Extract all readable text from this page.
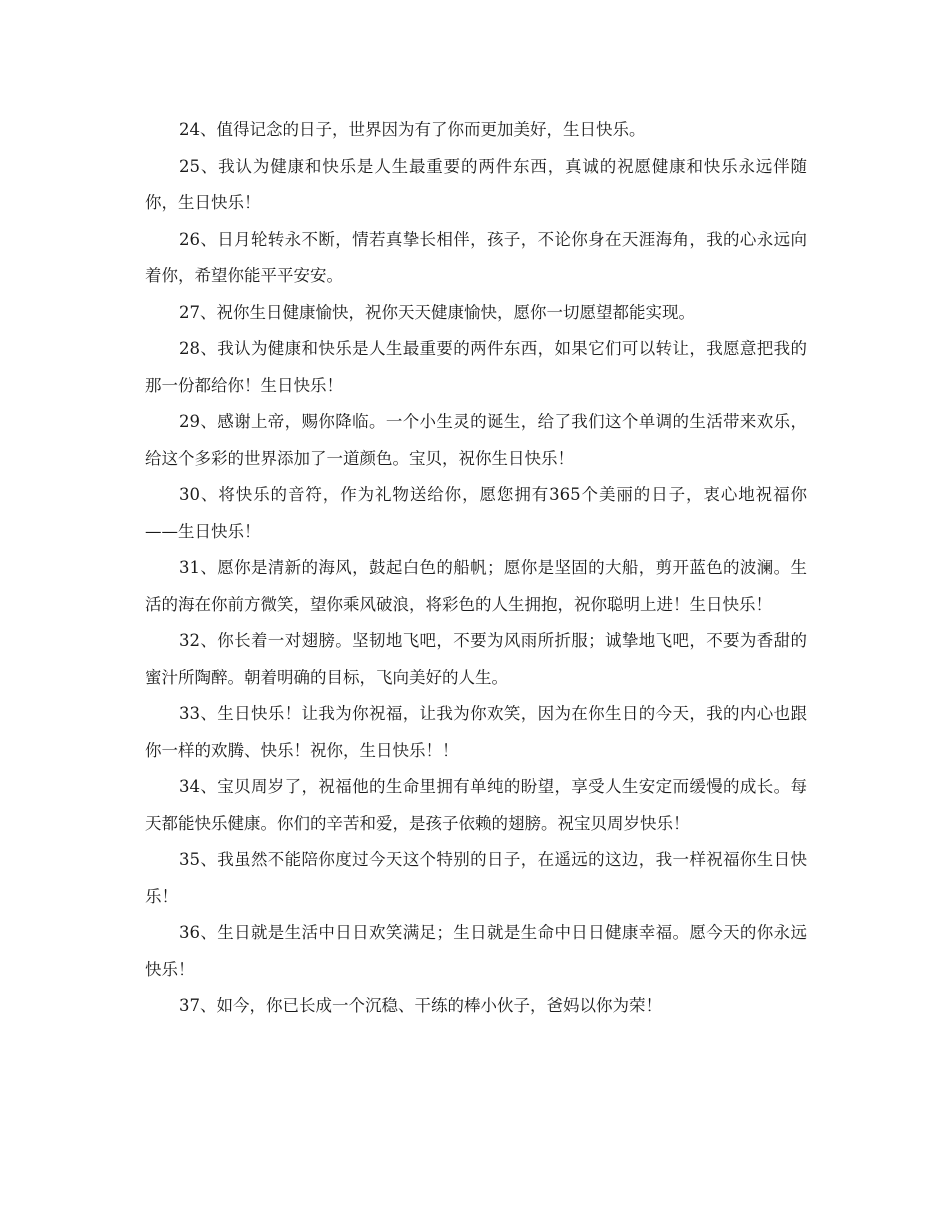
24、值得记念的日子，世界因为有了你而更加美好，生日快乐。

25、我认为健康和快乐是人生最重要的两件东西，真诚的祝愿健康和快乐永远伴随你，生日快乐！

26、日月轮转永不断，情若真挚长相伴，孩子，不论你身在天涯海角，我的心永远向着你，希望你能平平安安。

27、祝你生日健康愉快，祝你天天健康愉快，愿你一切愿望都能实现。

28、我认为健康和快乐是人生最重要的两件东西，如果它们可以转让，我愿意把我的那一份都给你！生日快乐！

29、感谢上帝，赐你降临。一个小生灵的诞生，给了我们这个单调的生活带来欢乐，给这个多彩的世界添加了一道颜色。宝贝，祝你生日快乐！

30、将快乐的音符，作为礼物送给你，愿您拥有365个美丽的日子，衷心地祝福你——生日快乐！

31、愿你是清新的海风，鼓起白色的船帆；愿你是坚固的大船，剪开蓝色的波澜。生活的海在你前方微笑，望你乘风破浪，将彩色的人生拥抱，祝你聪明上进！生日快乐！

32、你长着一对翅膀。坚韧地飞吧，不要为风雨所折服；诚挚地飞吧，不要为香甜的蜜汁所陶醉。朝着明确的目标，飞向美好的人生。

33、生日快乐！让我为你祝福，让我为你欢笑，因为在你生日的今天，我的内心也跟你一样的欢腾、快乐！祝你，生日快乐！！

34、宝贝周岁了，祝福他的生命里拥有单纯的盼望，享受人生安定而缓慢的成长。每天都能快乐健康。你们的辛苦和爱，是孩子依赖的翅膀。祝宝贝周岁快乐！

35、我虽然不能陪你度过今天这个特别的日子，在遥远的这边，我一样祝福你生日快乐！

36、生日就是生活中日日欢笑满足；生日就是生命中日日健康幸福。愿今天的你永远快乐！

37、如今，你已长成一个沉稳、干练的棒小伙子，爸妈以你为荣！
